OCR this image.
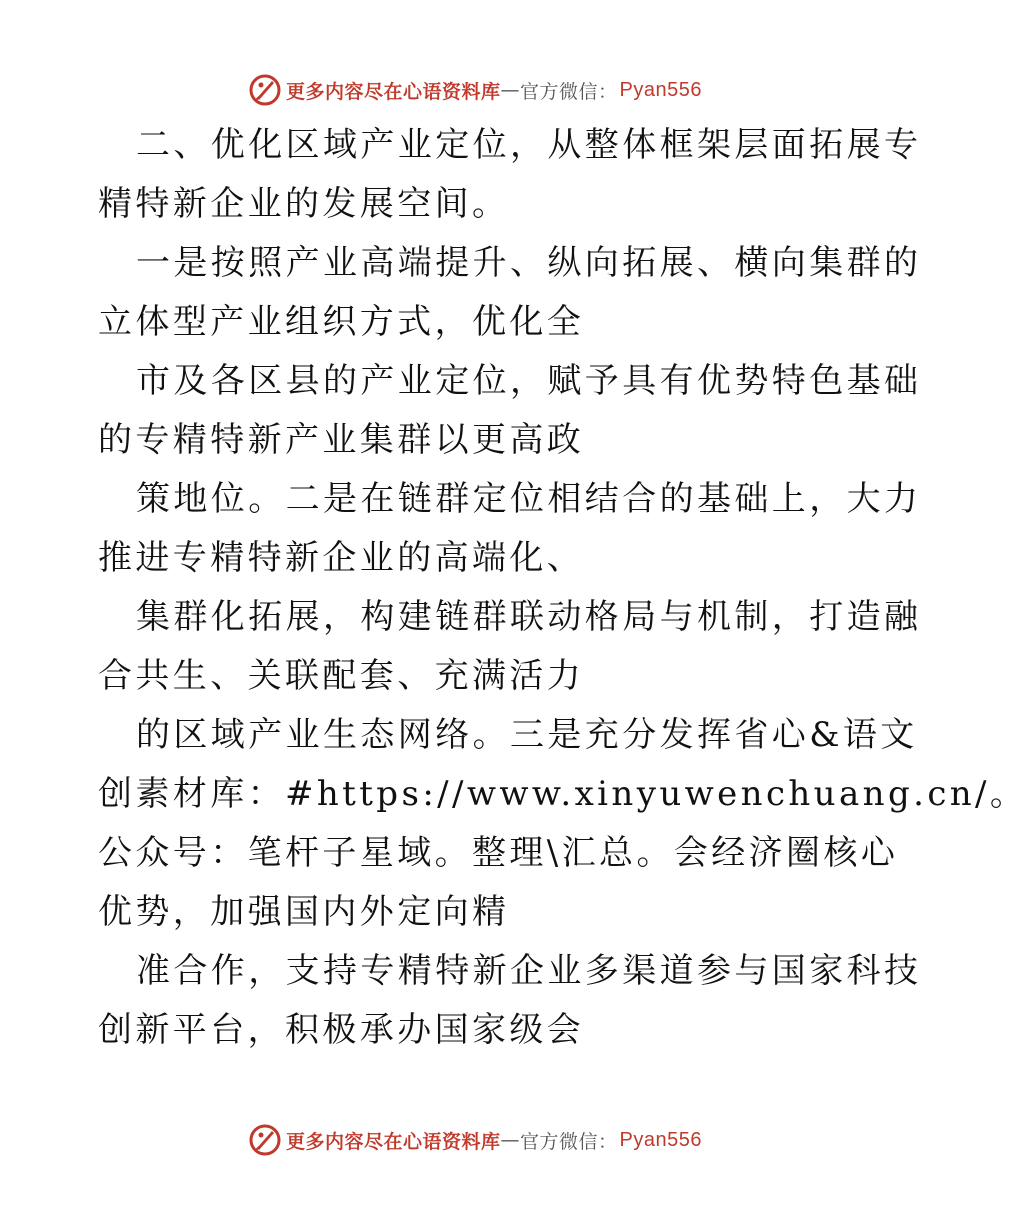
更多内容尽在心语资料库 — 官方微信： Pyan556
二、优化区域产业定位，从整体框架层面拓展专
精特新企业的发展空间。
一是按照产业高端提升、纵向拓展、横向集群的
立体型产业组织方式，优化全
市及各区县的产业定位，赋予具有优势特色基础
的专精特新产业集群以更高政
策地位。二是在链群定位相结合的基础上，大力
推进专精特新企业的高端化、
集群化拓展，构建链群联动格局与机制，打造融
合共生、关联配套、充满活力
的区域产业生态网络。三是充分发挥省心&语文
创素材库：#https://www.xinyuwenchuang.cn/。
公众号：笔杆子星域。整理\汇总。会经济圈核心
优势，加强国内外定向精
准合作，支持专精特新企业多渠道参与国家科技
创新平台，积极承办国家级会
更多内容尽在心语资料库 — 官方微信： Pyan556
